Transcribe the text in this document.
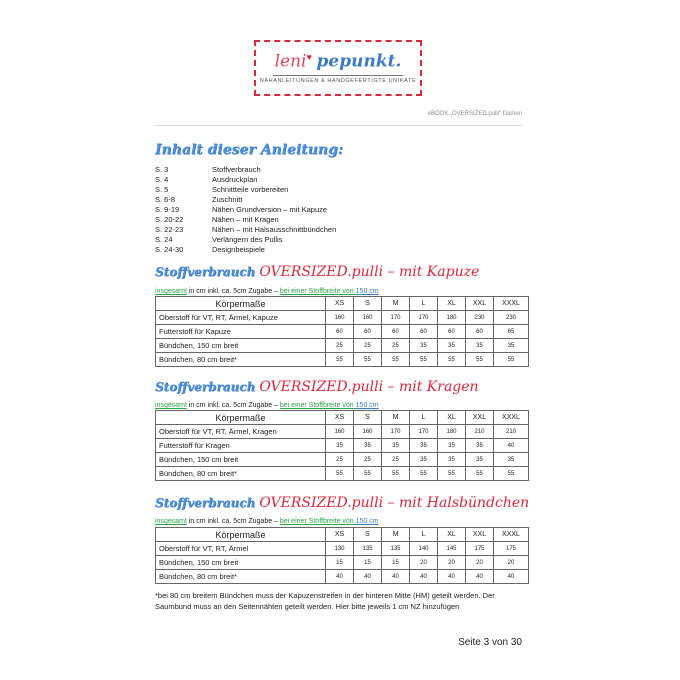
leni♥ pepunkt.
NÄHANLEITUNGEN & HANDGEFERTIGTE UNIKATE
eBOOK „OVERSIZED.pulli“ Damen
Inhalt dieser Anleitung:
S. 3	Stoffverbrauch
S. 4	Ausdruckplan
S. 5	Schnittteile vorbereiten
S. 6-8	Zuschnitt
S. 9-19	Nähen Grundversion – mit Kapuze
S. 20-22	Nähen – mit Kragen
S. 22-23	Nähen – mit Halsausschnittbündchen
S. 24	Verlängern des Pullis
S. 24-30	Designbeispiele
Stoffverbrauch OVERSIZED.pulli – mit Kapuze
insgesamt in cm inkl. ca. 5cm Zugabe – bei einer Stoffbreite von 150 cm
Körpermaße	XS	S	M	L	XL	XXL	XXXL
Oberstoff für VT, RT, Ärmel, Kapuze	160	160	170	170	180	230	230
Futterstoff für Kapuze	60	60	60	60	60	60	65
Bündchen, 150 cm breit	25	25	25	35	35	35	35
Bündchen, 80 cm breit*	55	55	55	55	55	55	55
Stoffverbrauch OVERSIZED.pulli – mit Kragen
insgesamt in cm inkl. ca. 5cm Zugabe – bei einer Stoffbreite von 150 cm
Körpermaße	XS	S	M	L	XL	XXL	XXXL
Oberstoff für VT, RT, Ärmel, Kragen	160	160	170	170	180	210	210
Futterstoff für Kragen	35	35	35	35	35	35	40
Bündchen, 150 cm breit	25	25	25	35	35	35	35
Bündchen, 80 cm breit*	55	55	55	55	55	55	55
Stoffverbrauch OVERSIZED.pulli – mit Halsbündchen
insgesamt in cm inkl. ca. 5cm Zugabe – bei einer Stoffbreite von 150 cm
Körpermaße	XS	S	M	L	XL	XXL	XXXL
Oberstoff für VT, RT, Ärmel	130	135	135	140	145	175	175
Bündchen, 150 cm breit	15	15	15	20	20	20	20
Bündchen, 80 cm breit*	40	40	40	40	40	40	40
*bei 80 cm breitem Bündchen muss der Kapuzenstreifen in der hinteren Mitte (HM) geteilt werden. Der Saumbund muss an den Seitennähten geteilt werden. Hier bitte jeweils 1 cm NZ hinzufügen
Seite 3 von 30
